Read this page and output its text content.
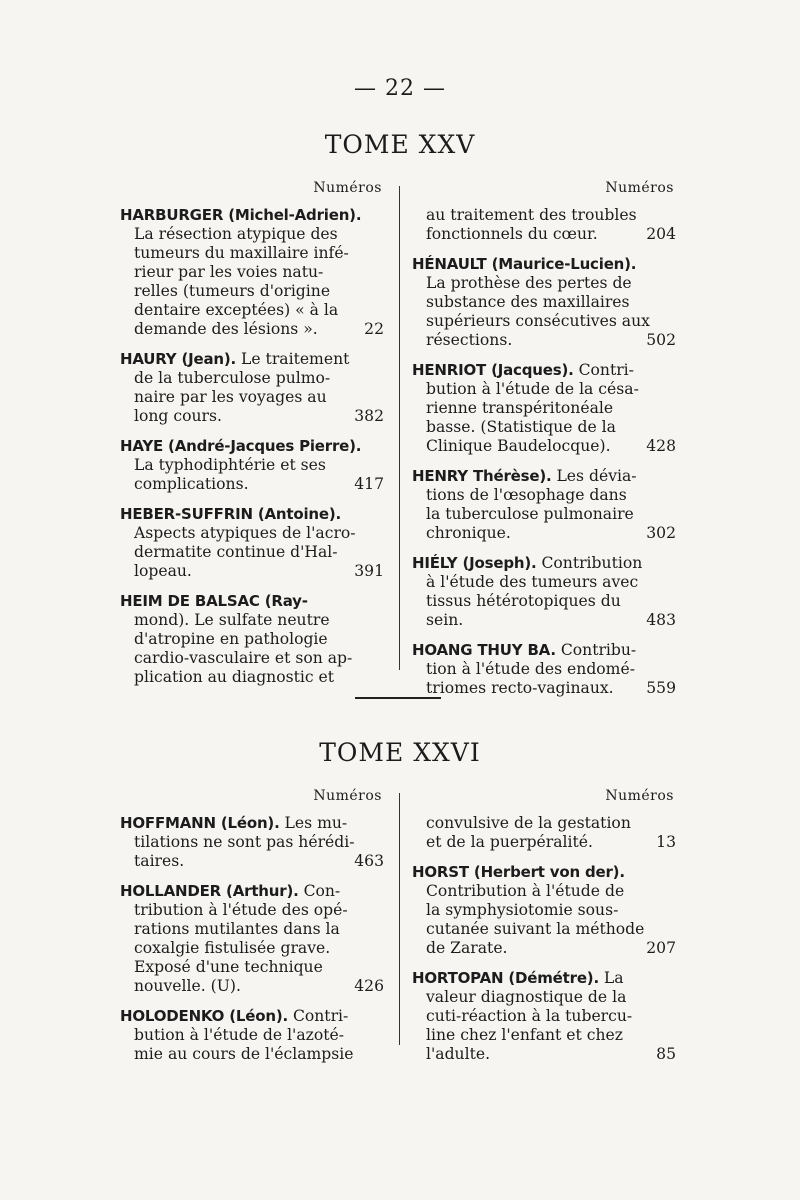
— 22 —
TOME XXV
TOME XXVI
Numéros
HARBURGER (Michel-Adrien).
La résection atypique des
tumeurs du maxillaire infé-
rieur par les voies natu-
relles (tumeurs d'origine
dentaire exceptées) « à la
demande des lésions ».	22
HAURY (Jean). Le traitement
de la tuberculose pulmo-
naire par les voyages au
long cours.	382
HAYE (André-Jacques Pierre).
La typhodiphtérie et ses
complications.	417
HEBER-SUFFRIN (Antoine).
Aspects atypiques de l'acro-
dermatite continue d'Hal-
lopeau.	391
HEIM DE BALSAC (Ray-
mond). Le sulfate neutre
d'atropine en pathologie
cardio-vasculaire et son ap-
plication au diagnostic et
Numéros
au traitement des troubles
fonctionnels du cœur.	204
HÉNAULT (Maurice-Lucien).
La prothèse des pertes de
substance des maxillaires
supérieurs consécutives aux
résections.	502
HENRIOT (Jacques). Contri-
bution à l'étude de la césa-
rienne transpéritonéale
basse. (Statistique de la
Clinique Baudelocque). 428
HENRY Thérèse). Les dévia-
tions de l'œsophage dans
la tuberculose pulmonaire
chronique.	302
HIÉLY (Joseph). Contribution
à l'étude des tumeurs avec
tissus hétérotopiques du
sein.	483
HOANG THUY BA. Contribu-
tion à l'étude des endomé-
triomes recto-vaginaux. 559
Numéros
HOFFMANN (Léon). Les mu-
tilations ne sont pas hérédi-
taires.	463
HOLLANDER (Arthur). Con-
tribution à l'étude des opé-
rations mutilantes dans la
coxalgie fistulisée grave.
Exposé d'une technique
nouvelle. (U).	426
HOLODENKO (Léon). Contri-
bution à l'étude de l'azoté-
mie au cours de l'éclampsie
Numéros
convulsive de la gestation
et de la puerpéralité.	13
HORST (Herbert von der).
Contribution à l'étude de
la symphysiotomie sous-
cutanée suivant la méthode
de Zarate.	207
HORTOPAN (Démétre). La
valeur diagnostique de la
cuti-réaction à la tubercu-
line chez l'enfant et chez
l'adulte.	85
